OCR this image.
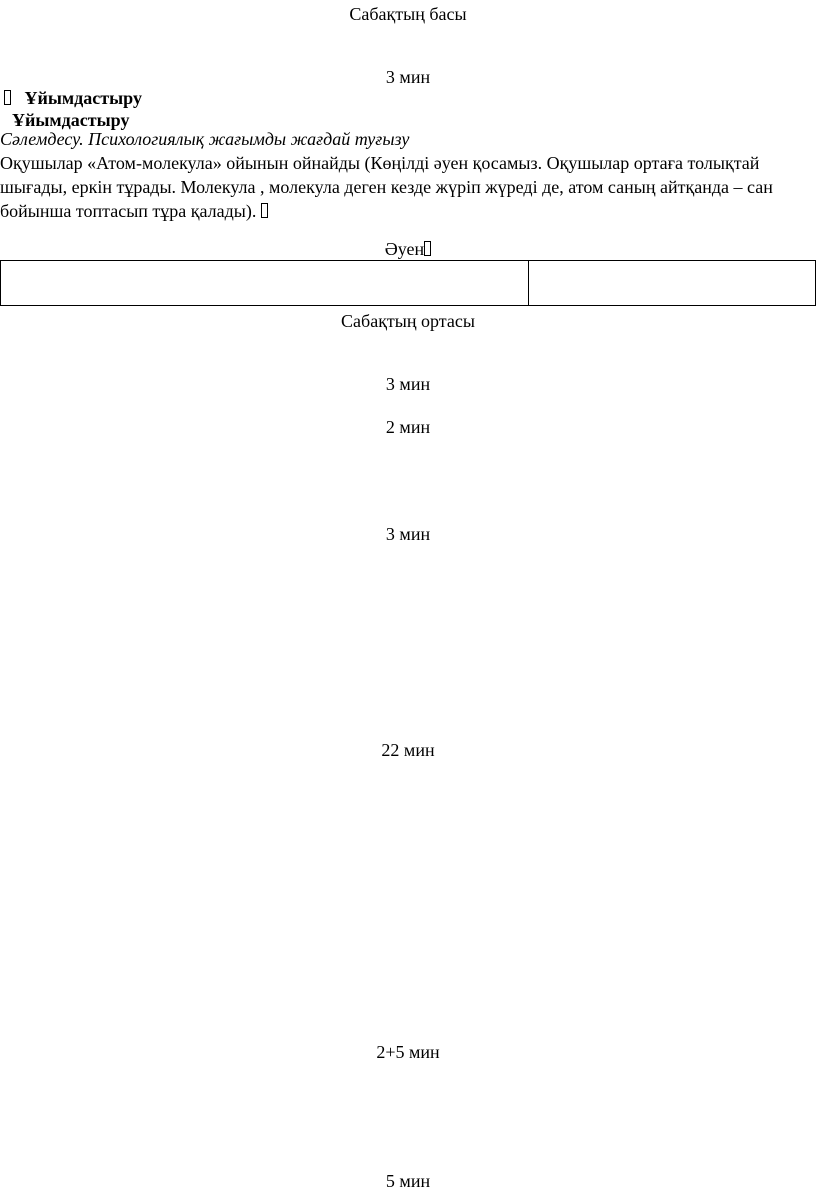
Сабақтың басы
3 мин
Ұйымдастыру
Ұйымдастыру
Сәлемдесу. Психологиялық жағымды жағдай туғызу
Оқушылар «Атом-молекула» ойынын ойнайды (Көңілді әуен қосамыз. Оқушылар ортаға толықтай шығады, еркін тұрады. Молекула , молекула деген кезде жүріп жүреді де, атом саның айтқанда – сан бойынша топтасып тұра қалады).
Әуен
Сабақтың ортасы
3 мин
2 мин
3 мин
22 мин
2+5 мин
5 мин
